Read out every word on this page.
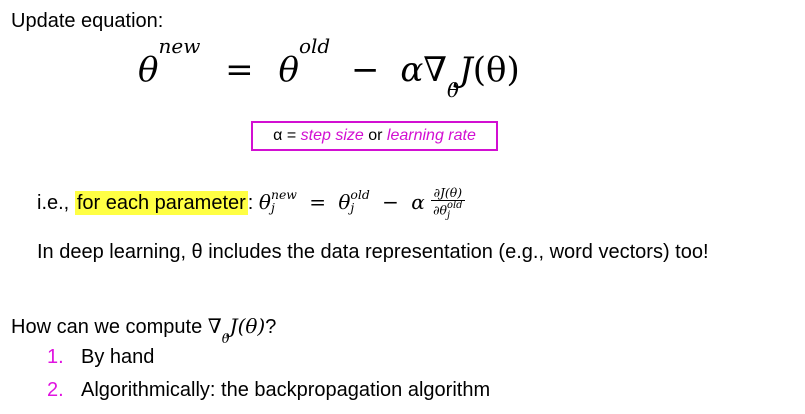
Update equation:
$\theta^{new} = \theta^{old} - \alpha\nabla_\theta J(\theta)$
α = step size or learning rate
i.e., for each parameter : θ new
j	= θ old
j	− α ∂J(θ)
∂θ old
j
In deep learning, θ includes the data representation (e.g., word vectors) too!
How can we compute $\nabla_\theta J(\theta)$?
1. By hand
2. Algorithmically: the backpropagation algorithm
